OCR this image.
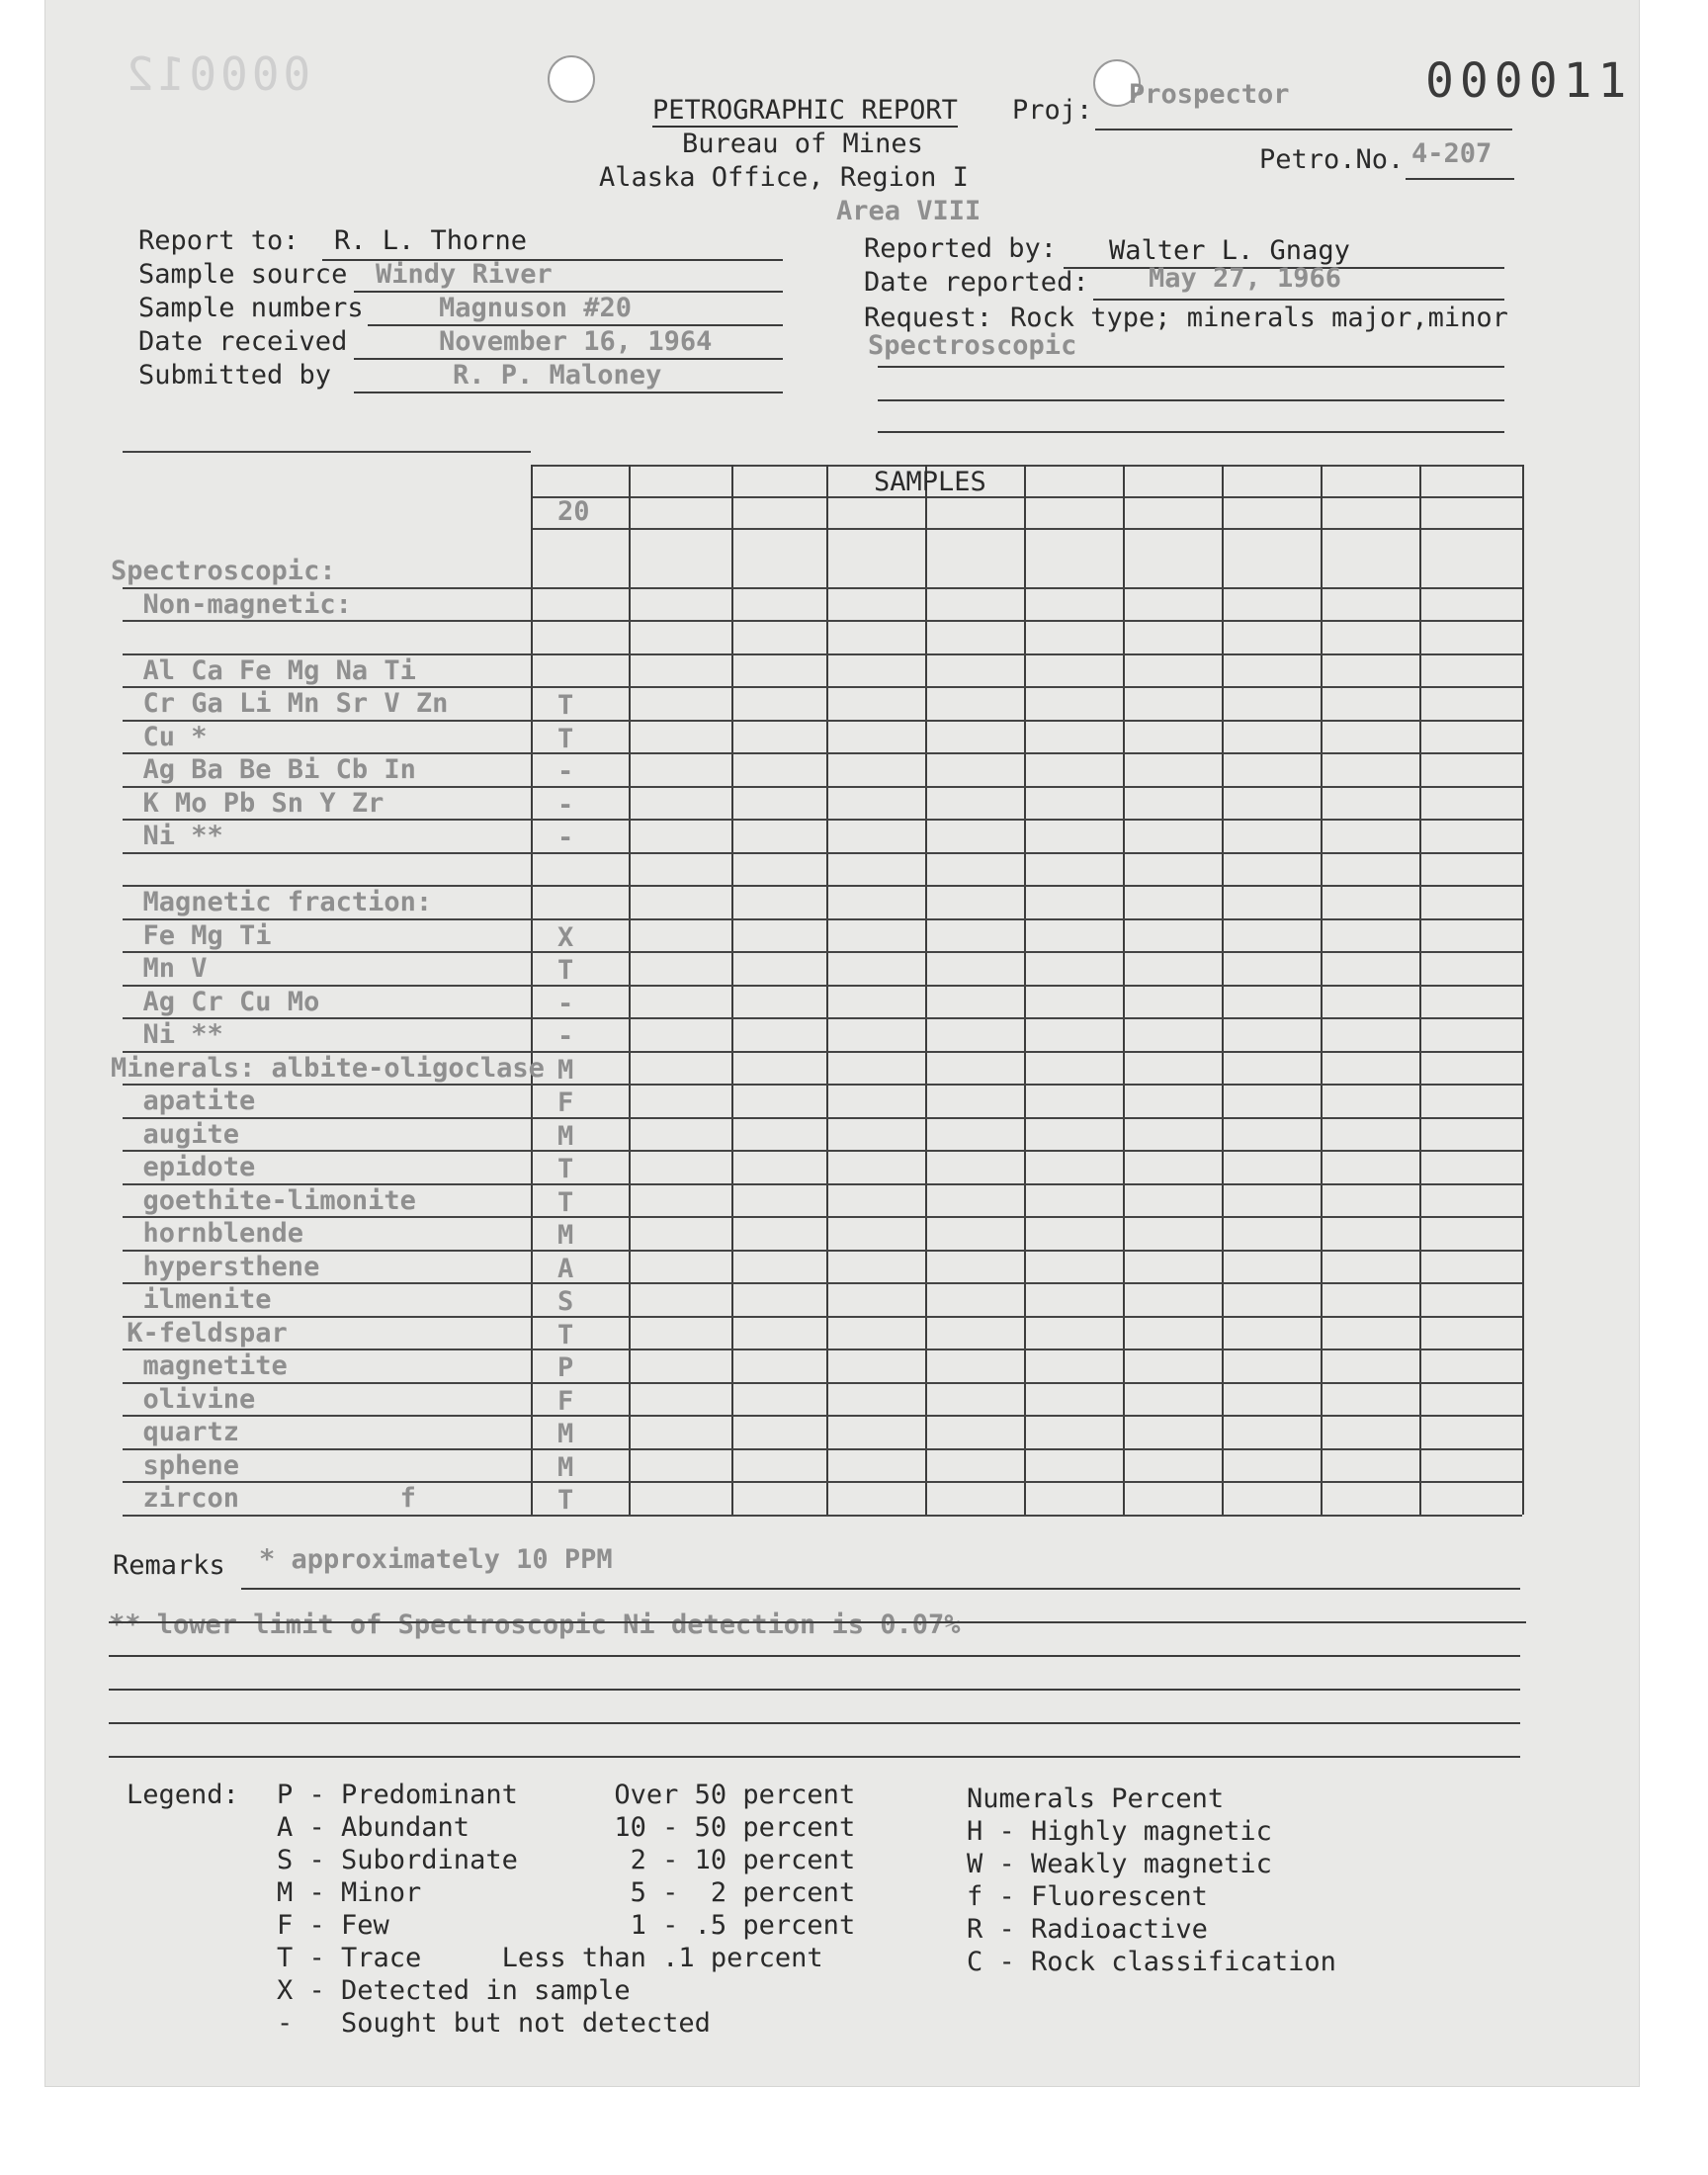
000012	000011
PETROGRAPHIC REPORT
Bureau of Mines
Alaska Office, Region I
Area VIII
Proj:
Prospector
Petro.No. 4-207
Report to: R. L. Thorne
Sample source Windy River
Sample numbers	Magnuson #20
Date received	November 16, 1964
Submitted by	R. P. Maloney
Reported by: Walter L. Gnagy
Date reported: May 27, 1966
Request: Rock type; minerals major,minor
Spectroscopic
SAMPLES
20
Spectroscopic:
Non-magnetic:
Al Ca Fe Mg Na Ti
Cr Ga Li Mn Sr V Zn	T
Cu *	T
Ag Ba Be Bi Cb In	-
K Mo Pb Sn Y Zr	-
Ni **	-
Magnetic fraction:
Fe Mg Ti	X
Mn V	T
Ag Cr Cu Mo	-
Ni **	-
Minerals: albite-oligoclase M
apatite	F
augite	M
epidote	T
goethite-limonite	T
hornblende	M
hypersthene	A
ilmenite	S
K-feldspar	T
magnetite	P
olivine	F
quartz	M
sphene	M
zircon          f	T
Remarks * approximately 10 PPM
** lower limit of Spectroscopic Ni detection is 0.07%
Legend: P - Predominant      Over 50 percent
A - Abundant         10 - 50 percent
S - Subordinate       2 - 10 percent
M - Minor             5 -  2 percent
F - Few               1 - .5 percent
T - Trace     Less than .1 percent
X - Detected in sample
-   Sought but not detected
Numerals Percent
H - Highly magnetic
W - Weakly magnetic
f - Fluorescent
R - Radioactive
C - Rock classification
